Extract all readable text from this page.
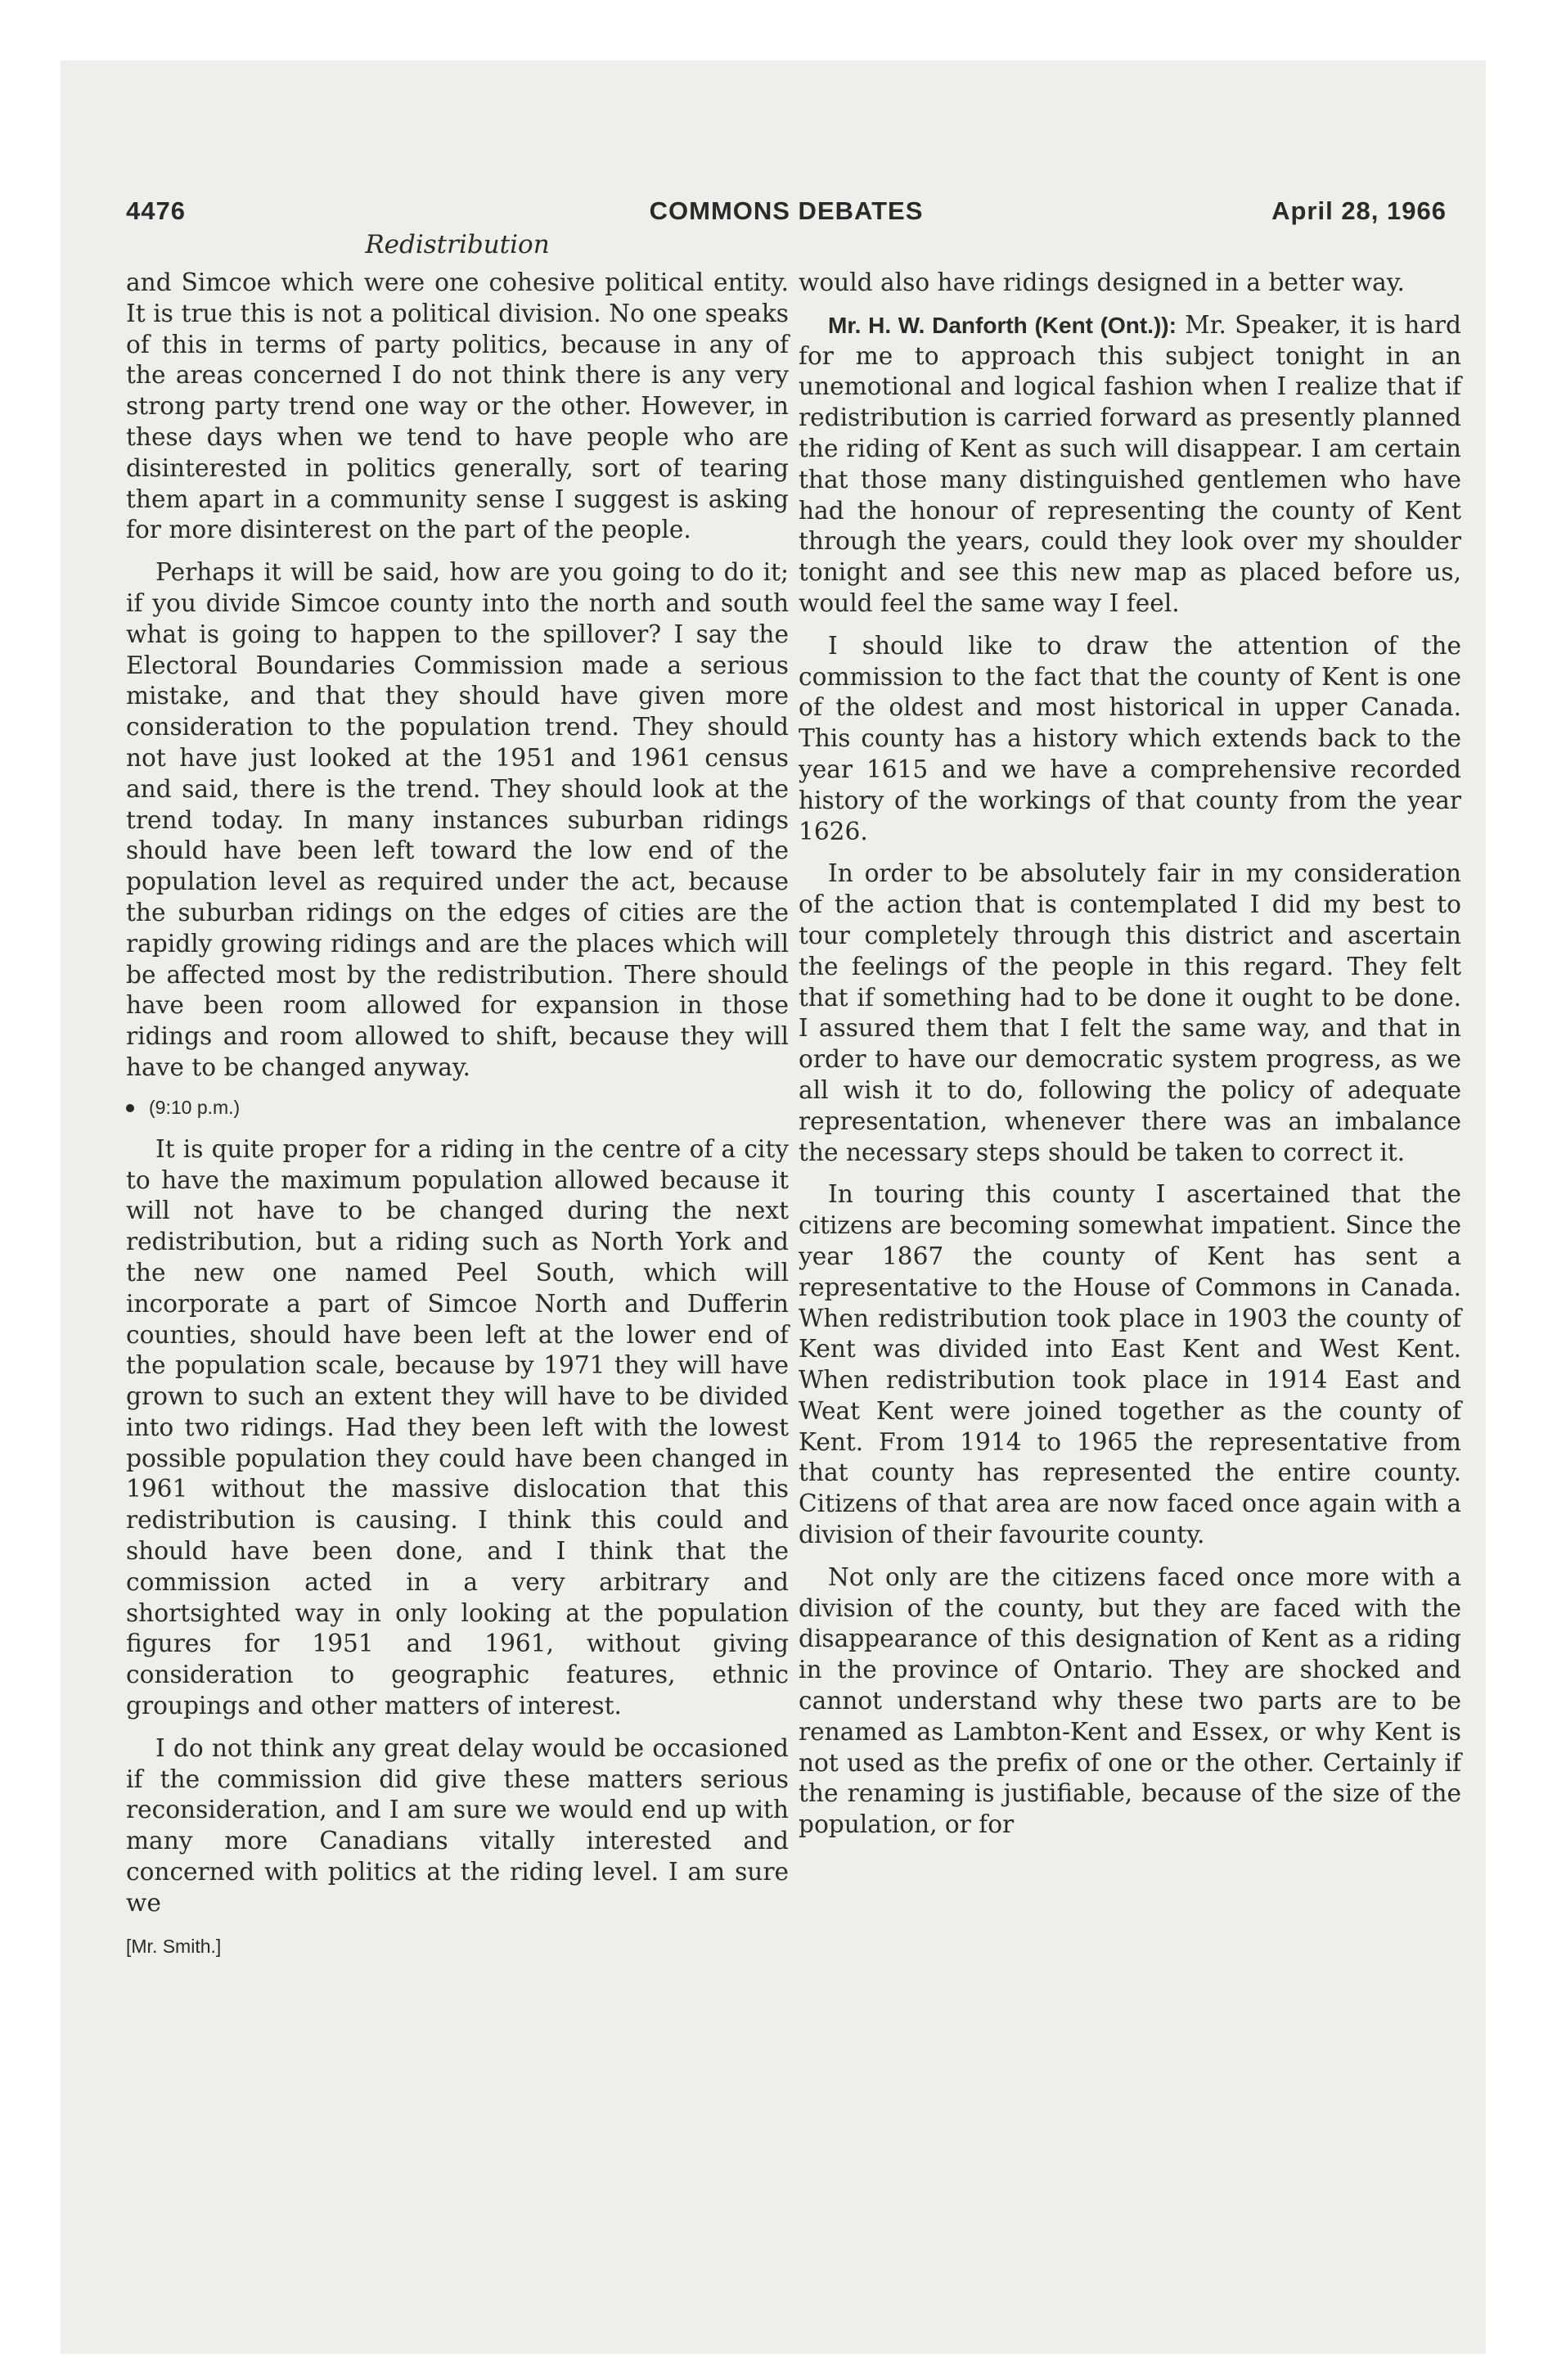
4476	COMMONS DEBATES	April 28, 1966
Redistribution

and Simcoe which were one cohesive political entity. It is true this is not a political division. No one speaks of this in terms of party politics, because in any of the areas concerned I do not think there is any very strong party trend one way or the other. However, in these days when we tend to have people who are disinterested in politics generally, sort of tearing them apart in a community sense I suggest is asking for more disinterest on the part of the people.

Perhaps it will be said, how are you going to do it; if you divide Simcoe county into the north and south what is going to happen to the spillover? I say the Electoral Boundaries Commission made a serious mistake, and that they should have given more consideration to the population trend. They should not have just looked at the 1951 and 1961 census and said, there is the trend. They should look at the trend today. In many instances suburban ridings should have been left toward the low end of the population level as required under the act, because the suburban ridings on the edges of cities are the rapidly growing ridings and are the places which will be affected most by the redistribution. There should have been room allowed for expansion in those ridings and room allowed to shift, because they will have to be changed anyway.

(9:10 p.m.)

It is quite proper for a riding in the centre of a city to have the maximum population allowed because it will not have to be changed during the next redistribution, but a riding such as North York and the new one named Peel South, which will incorporate a part of Simcoe North and Dufferin counties, should have been left at the lower end of the population scale, because by 1971 they will have grown to such an extent they will have to be divided into two ridings. Had they been left with the lowest possible population they could have been changed in 1961 without the massive dislocation that this redistribution is causing. I think this could and should have been done, and I think that the commission acted in a very arbitrary and shortsighted way in only looking at the population figures for 1951 and 1961, without giving consideration to geographic features, ethnic groupings and other matters of interest.

I do not think any great delay would be occasioned if the commission did give these matters serious reconsideration, and I am sure we would end up with many more Canadians vitally interested and concerned with politics at the riding level. I am sure we

[Mr. Smith.]

would also have ridings designed in a better way.

Mr. H. W. Danforth (Kent (Ont.)): Mr. Speaker, it is hard for me to approach this subject tonight in an unemotional and logical fashion when I realize that if redistribution is carried forward as presently planned the riding of Kent as such will disappear. I am certain that those many distinguished gentlemen who have had the honour of representing the county of Kent through the years, could they look over my shoulder tonight and see this new map as placed before us, would feel the same way I feel.

I should like to draw the attention of the commission to the fact that the county of Kent is one of the oldest and most historical in upper Canada. This county has a history which extends back to the year 1615 and we have a comprehensive recorded history of the workings of that county from the year 1626.

In order to be absolutely fair in my consideration of the action that is contemplated I did my best to tour completely through this district and ascertain the feelings of the people in this regard. They felt that if something had to be done it ought to be done. I assured them that I felt the same way, and that in order to have our democratic system progress, as we all wish it to do, following the policy of adequate representation, whenever there was an imbalance the necessary steps should be taken to correct it.

In touring this county I ascertained that the citizens are becoming somewhat impatient. Since the year 1867 the county of Kent has sent a representative to the House of Commons in Canada. When redistribution took place in 1903 the county of Kent was divided into East Kent and West Kent. When redistribution took place in 1914 East and Weat Kent were joined together as the county of Kent. From 1914 to 1965 the representative from that county has represented the entire county. Citizens of that area are now faced once again with a division of their favourite county.

Not only are the citizens faced once more with a division of the county, but they are faced with the disappearance of this designation of Kent as a riding in the province of Ontario. They are shocked and cannot understand why these two parts are to be renamed as Lambton-Kent and Essex, or why Kent is not used as the prefix of one or the other. Certainly if the renaming is justifiable, because of the size of the population, or for
